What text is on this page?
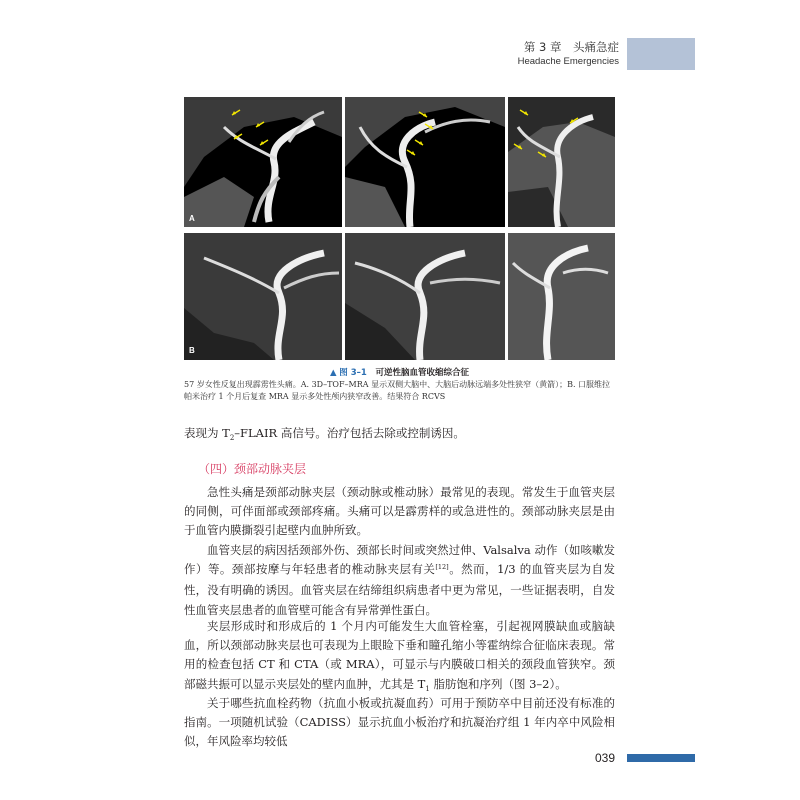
第 3 章　头痛急症
Headache Emergencies
A
B
▲ 图 3–1 可逆性脑血管收缩综合征
57 岁女性反复出现霹雳性头痛。A. 3D–TOF–MRA 显示双侧大脑中、大脑后动脉远端多处性狭窄（黄箭）；B. 口服维拉帕米治疗 1 个月后复查 MRA 显示多处性颅内狭窄改善。结果符合 RCVS
表现为 $T_2$–FLAIR 高信号。治疗包括去除或控制诱因。
（四）颈部动脉夹层
急性头痛是颈部动脉夹层（颈动脉或椎动脉）最常见的表现。常发生于血管夹层的同侧，可伴面部或颈部疼痛。头痛可以是霹雳样的或急进性的。颈部动脉夹层是由于血管内膜撕裂引起壁内血肿所致。
血管夹层的病因括颈部外伤、颈部长时间或突然过伸、Valsalva 动作（如咳嗽发作）等。颈部按摩与年轻患者的椎动脉夹层有关[12]。然而，1/3 的血管夹层为自发性，没有明确的诱因。血管夹层在结缔组织病患者中更为常见，一些证据表明，自发性血管夹层患者的血管壁可能含有异常弹性蛋白。
夹层形成时和形成后的 1 个月内可能发生大血管栓塞，引起视网膜缺血或脑缺血，所以颈部动脉夹层也可表现为上眼睑下垂和瞳孔缩小等霍纳综合征临床表现。常用的检查包括 CT 和 CTA（或 MRA），可显示与内膜破口相关的颈段血管狭窄。颈部磁共振可以显示夹层处的壁内血肿，尤其是 $T_1$ 脂肪饱和序列（图 3–2）。
关于哪些抗血栓药物（抗血小板或抗凝血药）可用于预防卒中目前还没有标准的指南。一项随机试验（CADISS）显示抗血小板治疗和抗凝治疗组 1 年内卒中风险相似，年风险率均较低
039
